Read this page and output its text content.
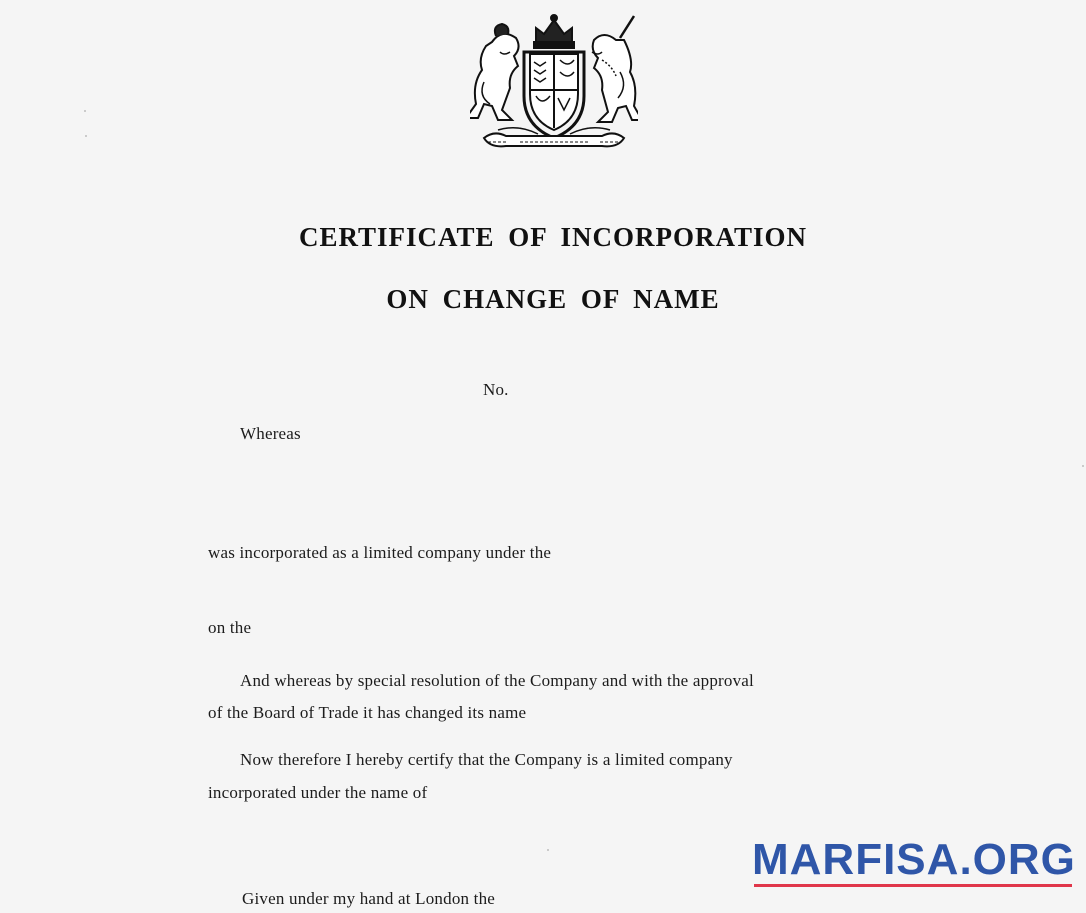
CERTIFICATE OF INCORPORATION
ON CHANGE OF NAME
No.
Whereas
was incorporated as a limited company under the
on the
And whereas by special resolution of the Company and with the approval
of the Board of Trade it has changed its name
Now therefore I hereby certify that the Company is a limited company
incorporated under the name of
Given under my hand at London the
MARFISA.ORG
